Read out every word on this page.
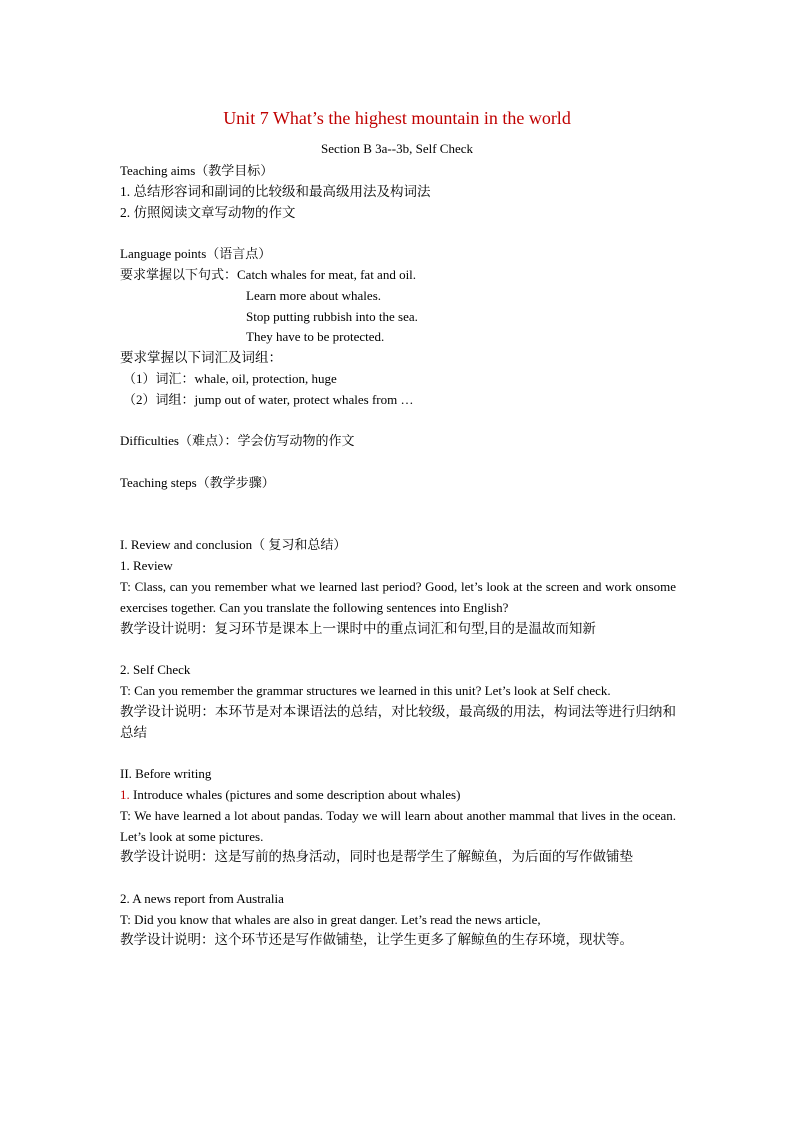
Unit 7 What’s the highest mountain in the world
Section B 3a--3b, Self Check
Teaching aims（教学目标）
1. 总结形容词和副词的比较级和最高级用法及构词法
2. 仿照阅读文章写动物的作文
Language points（语言点）
要求掌握以下句式：Catch whales for meat, fat and oil.
Learn more about whales.
Stop putting rubbish into the sea.
They have to be protected.
要求掌握以下词汇及词组：
（1）词汇：whale, oil, protection, huge
（2）词组：jump out of water, protect whales from …
Difficulties（难点）：学会仿写动物的作文
Teaching steps（教学步骤）
I. Review and conclusion（ 复习和总结）
1. Review
T: Class, can you remember what we learned last period? Good, let’s look at the screen and work onsome exercises together. Can you translate the following sentences into English?
教学设计说明：复习环节是课本上一课时中的重点词汇和句型,目的是温故而知新
2. Self Check
T: Can you remember the grammar structures we learned in this unit? Let’s look at Self check.
教学设计说明：本环节是对本课语法的总结，对比较级，最高级的用法，构词法等进行归纳和总结
II. Before writing
1. Introduce whales (pictures and some description about whales)
T: We have learned a lot about pandas. Today we will learn about another mammal that lives in the ocean. Let’s look at some pictures.
教学设计说明：这是写前的热身活动，同时也是帮学生了解鲸鱼，为后面的写作做铺垫
2. A news report from Australia
T: Did you know that whales are also in great danger. Let’s read the news article,
教学设计说明：这个环节还是写作做铺垫，让学生更多了解鲸鱼的生存环境，现状等。
